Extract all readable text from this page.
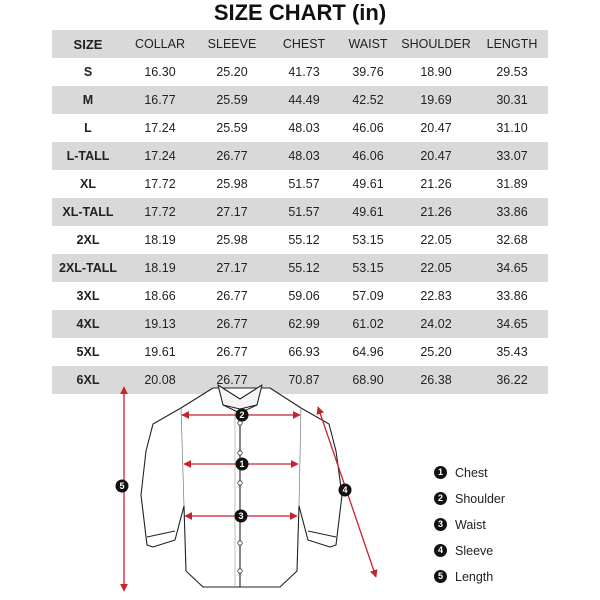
SIZE CHART (in)
SIZE	COLLAR	SLEEVE	CHEST	WAIST	SHOULDER	LENGTH
S	16.30	25.20	41.73	39.76	18.90	29.53
M	16.77	25.59	44.49	42.52	19.69	30.31
L	17.24	25.59	48.03	46.06	20.47	31.10
L-TALL	17.24	26.77	48.03	46.06	20.47	33.07
XL	17.72	25.98	51.57	49.61	21.26	31.89
XL-TALL	17.72	27.17	51.57	49.61	21.26	33.86
2XL	18.19	25.98	55.12	53.15	22.05	32.68
2XL-TALL	18.19	27.17	55.12	53.15	22.05	34.65
3XL	18.66	26.77	59.06	57.09	22.83	33.86
4XL	19.13	26.77	62.99	61.02	24.02	34.65
5XL	19.61	26.77	66.93	64.96	25.20	35.43
6XL	20.08	26.77	70.87	68.90	26.38	36.22
1
2
3
4
5
1 Chest
2 Shoulder
3 Waist
4 Sleeve
5 Length
